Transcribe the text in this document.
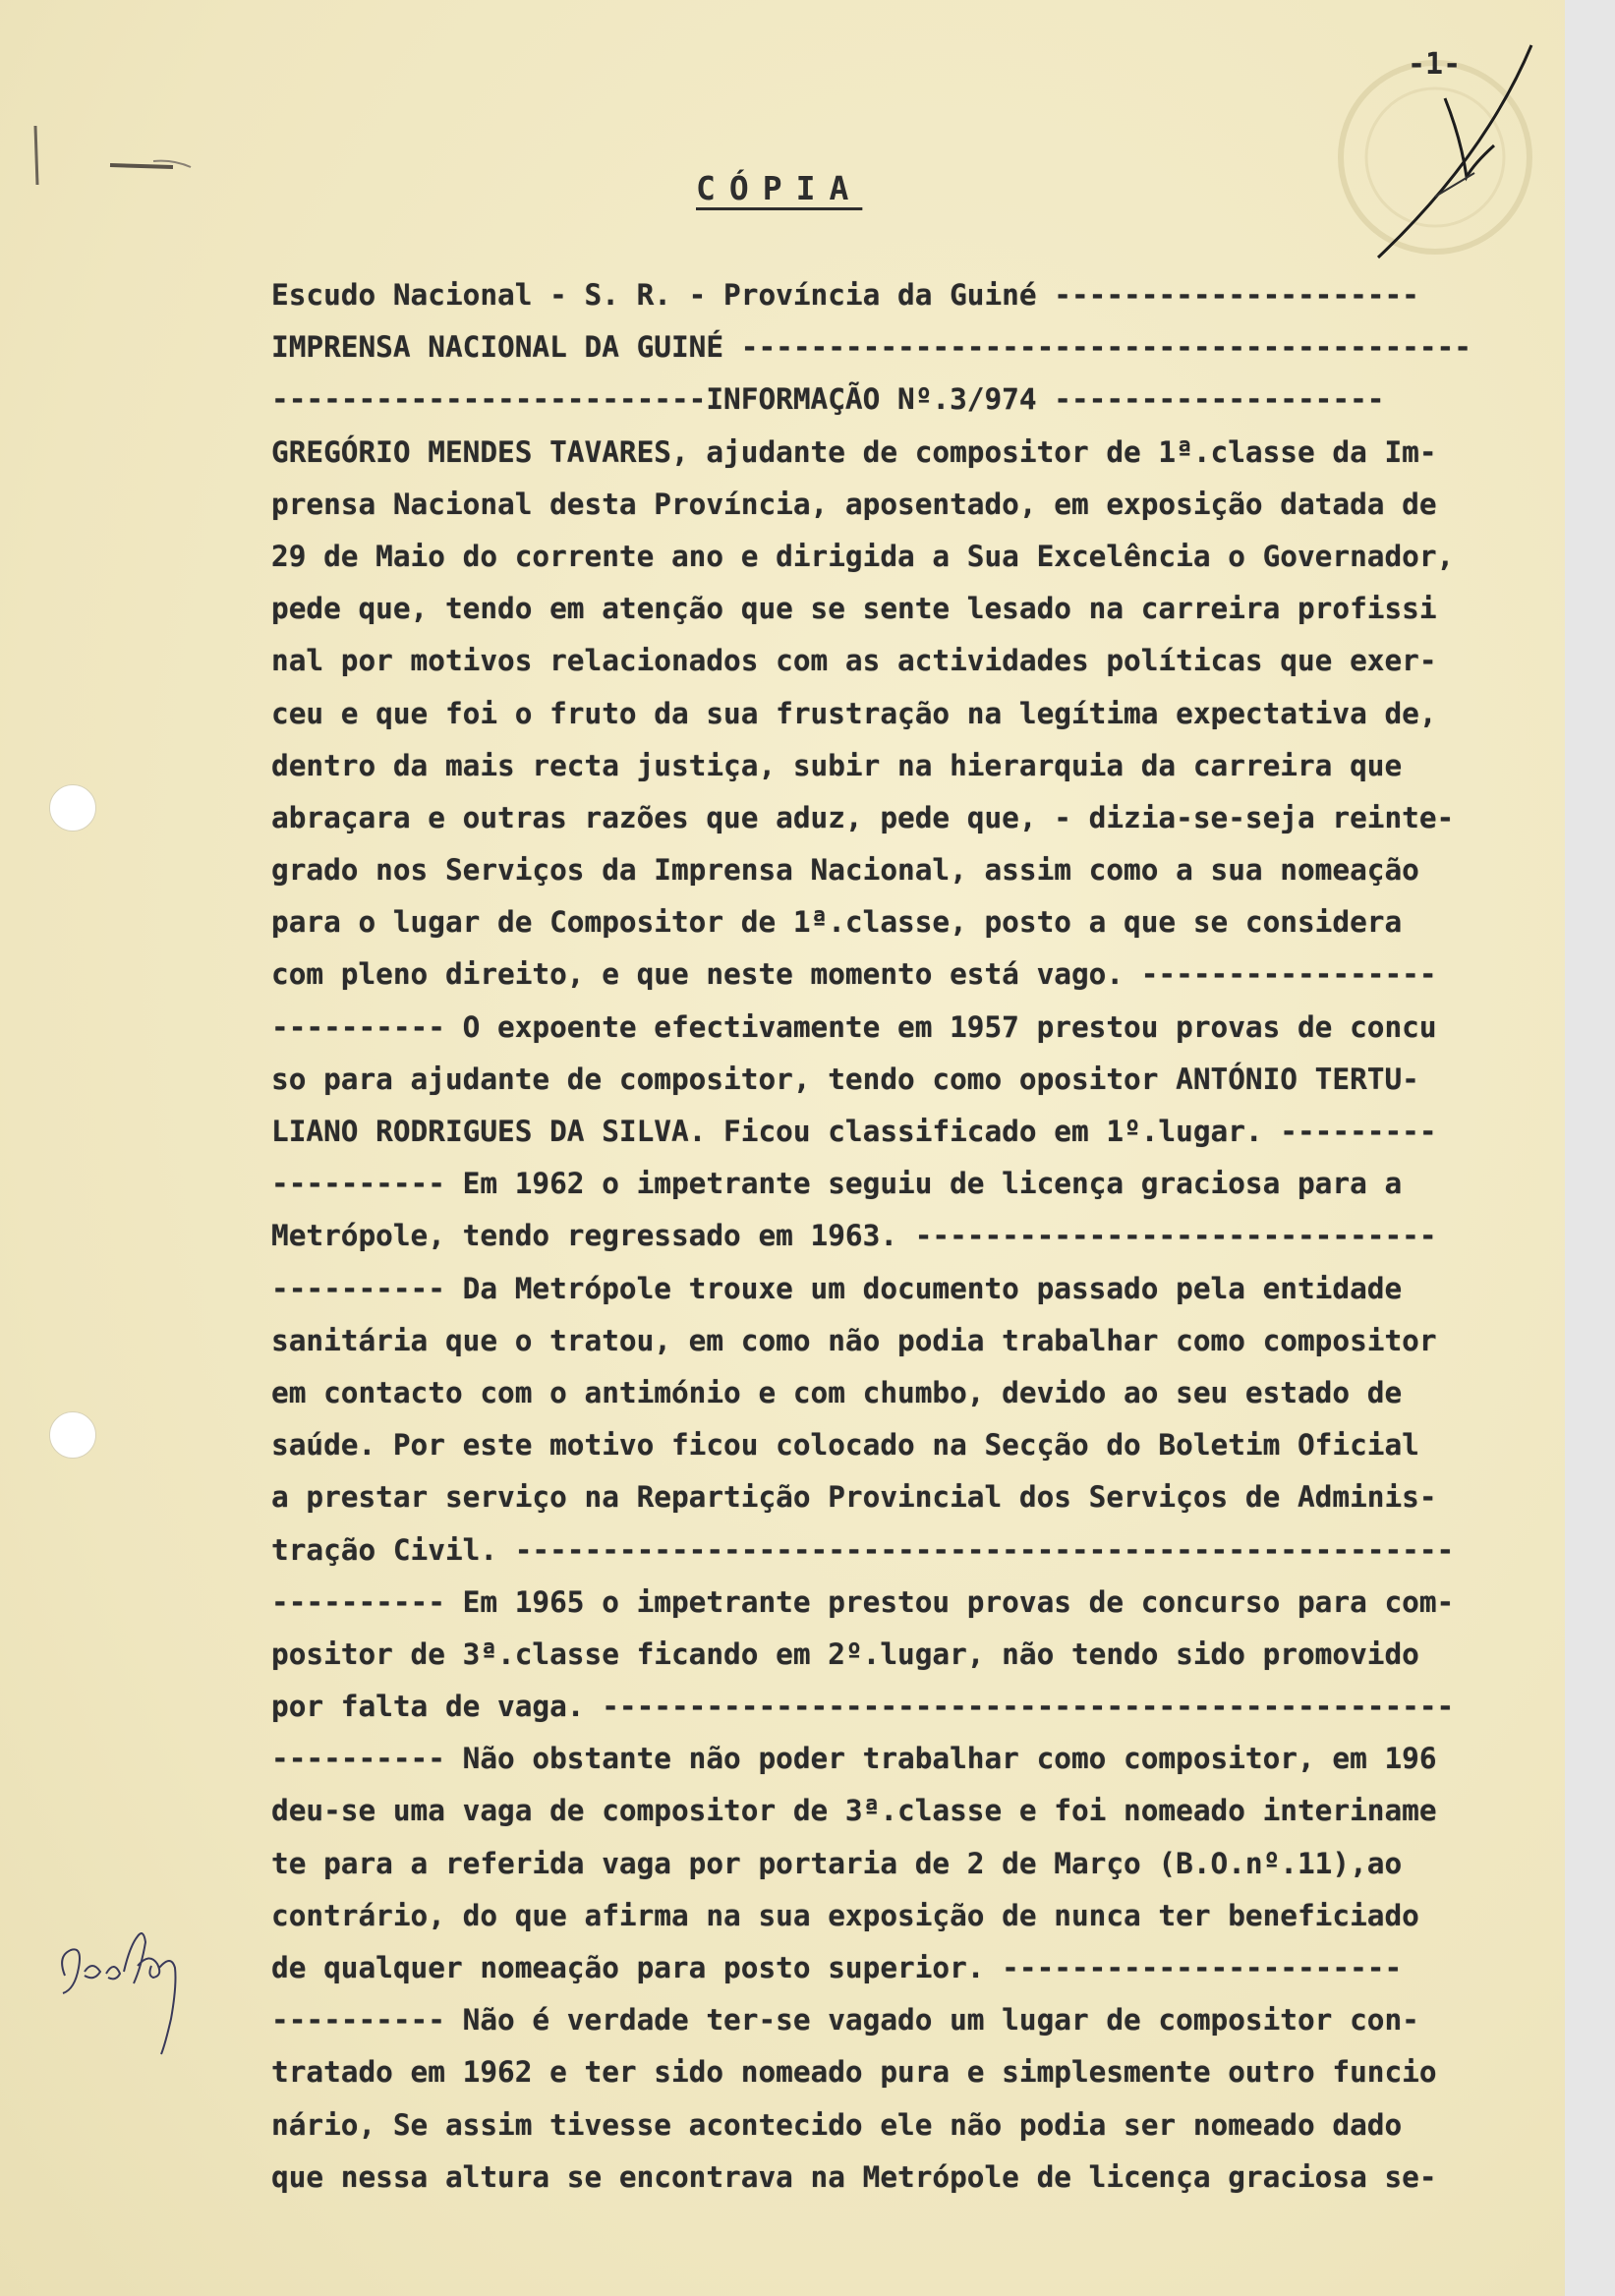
-1-
CÓPIA
Escudo Nacional - S. R. - Província da Guiné ---------------------
IMPRENSA NACIONAL DA GUINÉ ------------------------------------------
-------------------------INFORMAÇÃO Nº.3/974 -------------------
GREGÓRIO MENDES TAVARES, ajudante de compositor de 1ª.classe da Im-
prensa Nacional desta Província, aposentado, em exposição datada de
29 de Maio do corrente ano e dirigida a Sua Excelência o Governador,
pede que, tendo em atenção que se sente lesado na carreira profissi
nal por motivos relacionados com as actividades políticas que exer-
ceu e que foi o fruto da sua frustração na legítima expectativa de,
dentro da mais recta justiça, subir na hierarquia da carreira que
abraçara e outras razões que aduz, pede que, - dizia-se-seja reinte-
grado nos Serviços da Imprensa Nacional, assim como a sua nomeação
para o lugar de Compositor de 1ª.classe, posto a que se considera
com pleno direito, e que neste momento está vago. -----------------
---------- O expoente efectivamente em 1957 prestou provas de concu
so para ajudante de compositor, tendo como opositor ANTÓNIO TERTU-
LIANO RODRIGUES DA SILVA. Ficou classificado em 1º.lugar. ---------
---------- Em 1962 o impetrante seguiu de licença graciosa para a
Metrópole, tendo regressado em 1963. ------------------------------
---------- Da Metrópole trouxe um documento passado pela entidade
sanitária que o tratou, em como não podia trabalhar como compositor
em contacto com o antimónio e com chumbo, devido ao seu estado de
saúde. Por este motivo ficou colocado na Secção do Boletim Oficial
a prestar serviço na Repartição Provincial dos Serviços de Adminis-
tração Civil. ------------------------------------------------------
---------- Em 1965 o impetrante prestou provas de concurso para com-
positor de 3ª.classe ficando em 2º.lugar, não tendo sido promovido
por falta de vaga. -------------------------------------------------
---------- Não obstante não poder trabalhar como compositor, em 196
deu-se uma vaga de compositor de 3ª.classe e foi nomeado interiname
te para a referida vaga por portaria de 2 de Março (B.O.nº.11),ao
contrário, do que afirma na sua exposição de nunca ter beneficiado
de qualquer nomeação para posto superior. -----------------------
---------- Não é verdade ter-se vagado um lugar de compositor con-
tratado em 1962 e ter sido nomeado pura e simplesmente outro funcio
nário, Se assim tivesse acontecido ele não podia ser nomeado dado
que nessa altura se encontrava na Metrópole de licença graciosa se-
